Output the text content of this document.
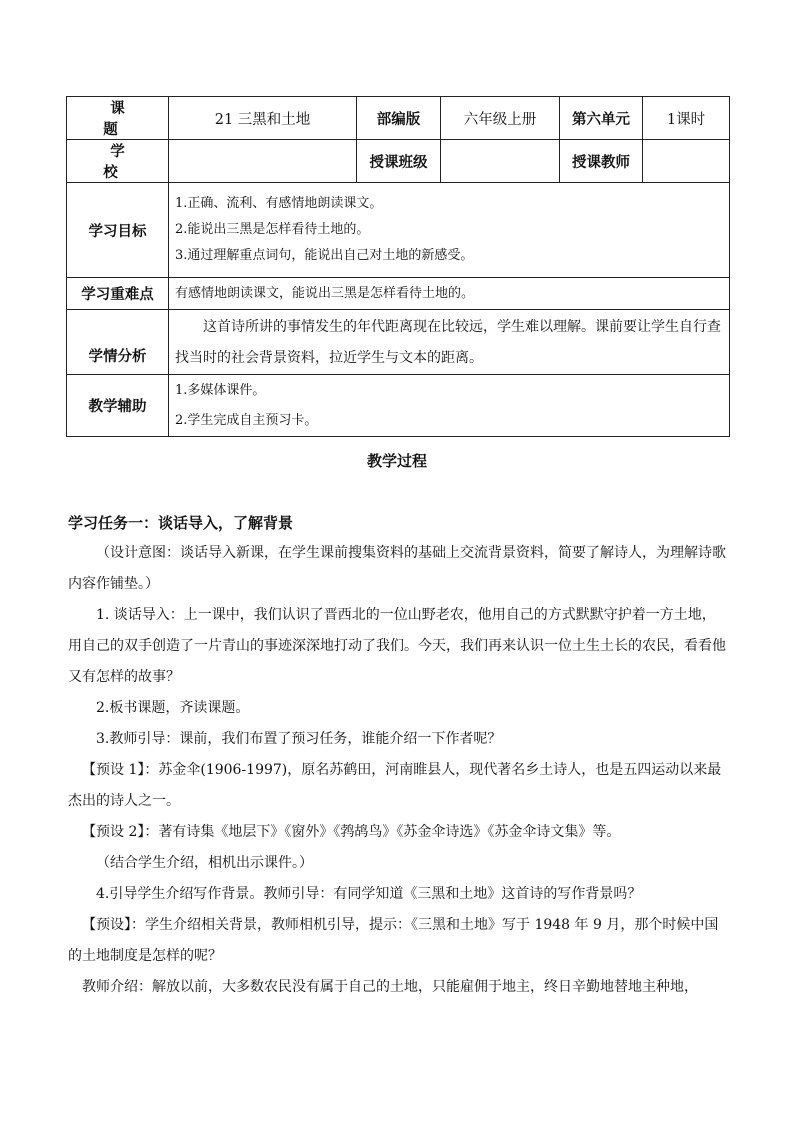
课 题	21 三黑和土地	部编版	六年级上册	第六单元	1课时
学 校		授课班级		授课教师	
学习目标	1.正确、流利、有感情地朗读课文。
2.能说出三黑是怎样看待土地的。
3.通过理解重点词句，能说出自己对土地的新感受。				

学习重难点	有感情地朗读课文，能说出三黑是怎样看待土地的。				
学情分析	这首诗所讲的事情发生的年代距离现在比较远，学生难以理解。课前要让学生自行查找当时的社会背景资料，拉近学生与文本的距离。				

教学辅助	1.多媒体课件。
2.学生完成自主预习卡。				
教学过程
学习任务一：谈话导入，了解背景

（设计意图：谈话导入新课，在学生课前搜集资料的基础上交流背景资料，简要了解诗人，为理解诗歌内容作铺垫。）

1. 谈话导入：上一课中，我们认识了晋西北的一位山野老农，他用自己的方式默默守护着一方土地，用自己的双手创造了一片青山的事迹深深地打动了我们。今天，我们再来认识一位土生土长的农民，看看他又有怎样的故事？

2.板书课题，齐读课题。

3.教师引导：课前，我们布置了预习任务，谁能介绍一下作者呢？

【预设 1】：苏金伞(1906-1997)，原名苏鹤田，河南睢县人，现代著名乡土诗人，也是五四运动以来最杰出的诗人之一。

【预设 2】：著有诗集《地层下》《窗外》《鹁鸪鸟》《苏金伞诗选》《苏金伞诗文集》等。

（结合学生介绍，相机出示课件。）

4.引导学生介绍写作背景。教师引导：有同学知道《三黑和土地》这首诗的写作背景吗？

【预设】：学生介绍相关背景，教师相机引导，提示：《三黑和土地》写于 1948 年 9 月，那个时候中国的土地制度是怎样的呢？

教师介绍：解放以前，大多数农民没有属于自己的土地，只能雇佣于地主，终日辛勤地替地主种地，
